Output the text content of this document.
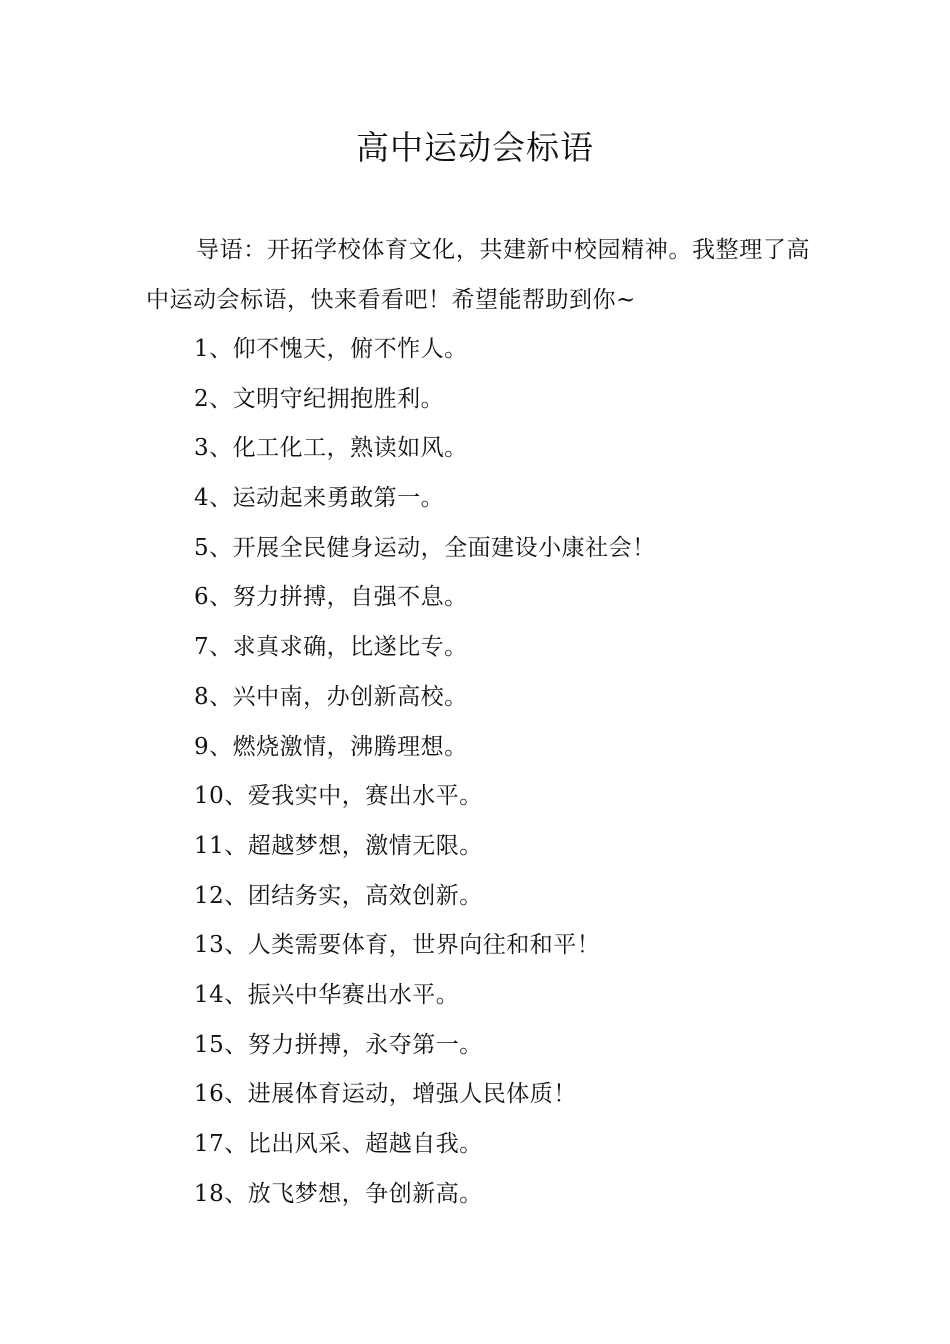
高中运动会标语

导语：开拓学校体育文化，共建新中校园精神。我整理了高中运动会标语，快来看看吧！希望能帮助到你~

1、仰不愧天，俯不怍人。
2、文明守纪拥抱胜利。
3、化工化工，熟读如风。
4、运动起来勇敢第一。
5、开展全民健身运动，全面建设小康社会！
6、努力拼搏，自强不息。
7、求真求确，比遂比专。
8、兴中南，办创新高校。
9、燃烧激情，沸腾理想。
10、爱我实中，赛出水平。
11、超越梦想，激情无限。
12、团结务实，高效创新。
13、人类需要体育，世界向往和和平！
14、振兴中华赛出水平。
15、努力拼搏，永夺第一。
16、进展体育运动，增强人民体质！
17、比出风采、超越自我。
18、放飞梦想，争创新高。
